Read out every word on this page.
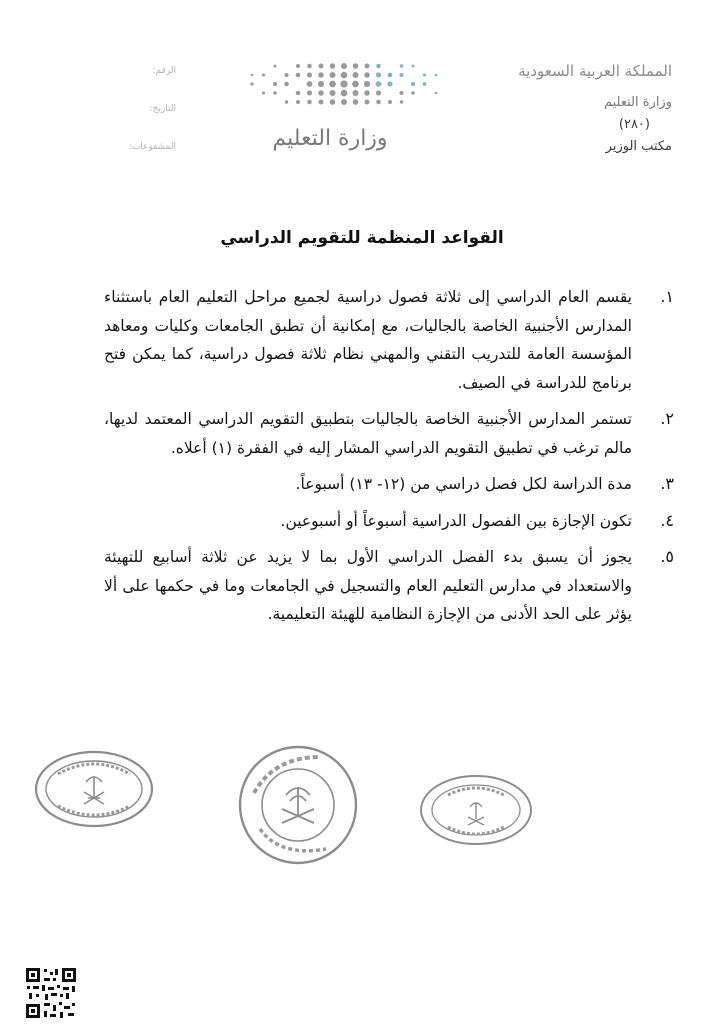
المملكة العربية السعودية
وزارة التعليم
(٢٨٠)
مكتب الوزير
وزارة التعليم
الرقم:
التاريخ:
المشفوعات:
القواعد المنظمة للتقويم الدراسي
١.
يقسم العام الدراسي إلى ثلاثة فصول دراسية لجميع مراحل التعليم العام باستثناء المدارس الأجنبية الخاصة بالجاليات، مع إمكانية أن تطبق الجامعات وكليات ومعاهد المؤسسة العامة للتدريب التقني والمهني نظام ثلاثة فصول دراسية، كما يمكن فتح برنامج للدراسة في الصيف.
٢.
تستمر المدارس الأجنبية الخاصة بالجاليات بتطبيق التقويم الدراسي المعتمد لديها، مالم ترغب في تطبيق التقويم الدراسي المشار إليه في الفقرة (١) أعلاه.
٣.
مدة الدراسة لكل فصل دراسي من (١٢- ١٣) أسبوعاً.
٤.
تكون الإجازة بين الفصول الدراسية أسبوعاً أو أسبوعين.
٥.
يجوز أن يسبق بدء الفصل الدراسي الأول بما لا يزيد عن ثلاثة أسابيع للتهيئة والاستعداد في مدارس التعليم العام والتسجيل في الجامعات وما في حكمها على ألا يؤثر على الحد الأدنى من الإجازة النظامية للهيئة التعليمية.
